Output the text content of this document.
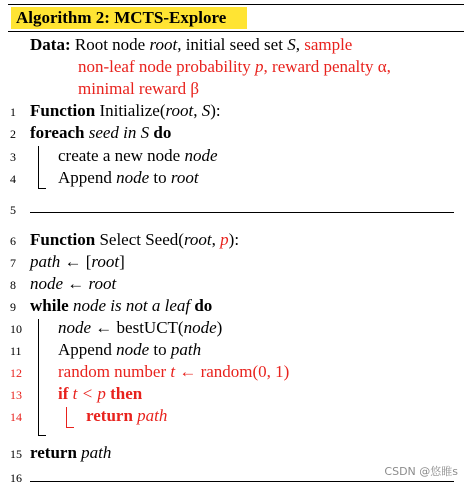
Algorithm 2: MCTS-Explore
Data: Root node root, initial seed set S, sample
non-leaf node probability p, reward penalty α,
minimal reward β
1 Function Initialize(root, S):
2 foreach seed in S do
3 create a new node node
4 Append node to root
5
6 Function Select Seed(root, p):
7 path ← [root]
8 node ← root
9 while node is not a leaf do
10 node ← bestUCT(node)
11 Append node to path
12 random number t ← random(0, 1)
13 if t < p then
14	return path
15 return path
16	CSDN @悠睢s
